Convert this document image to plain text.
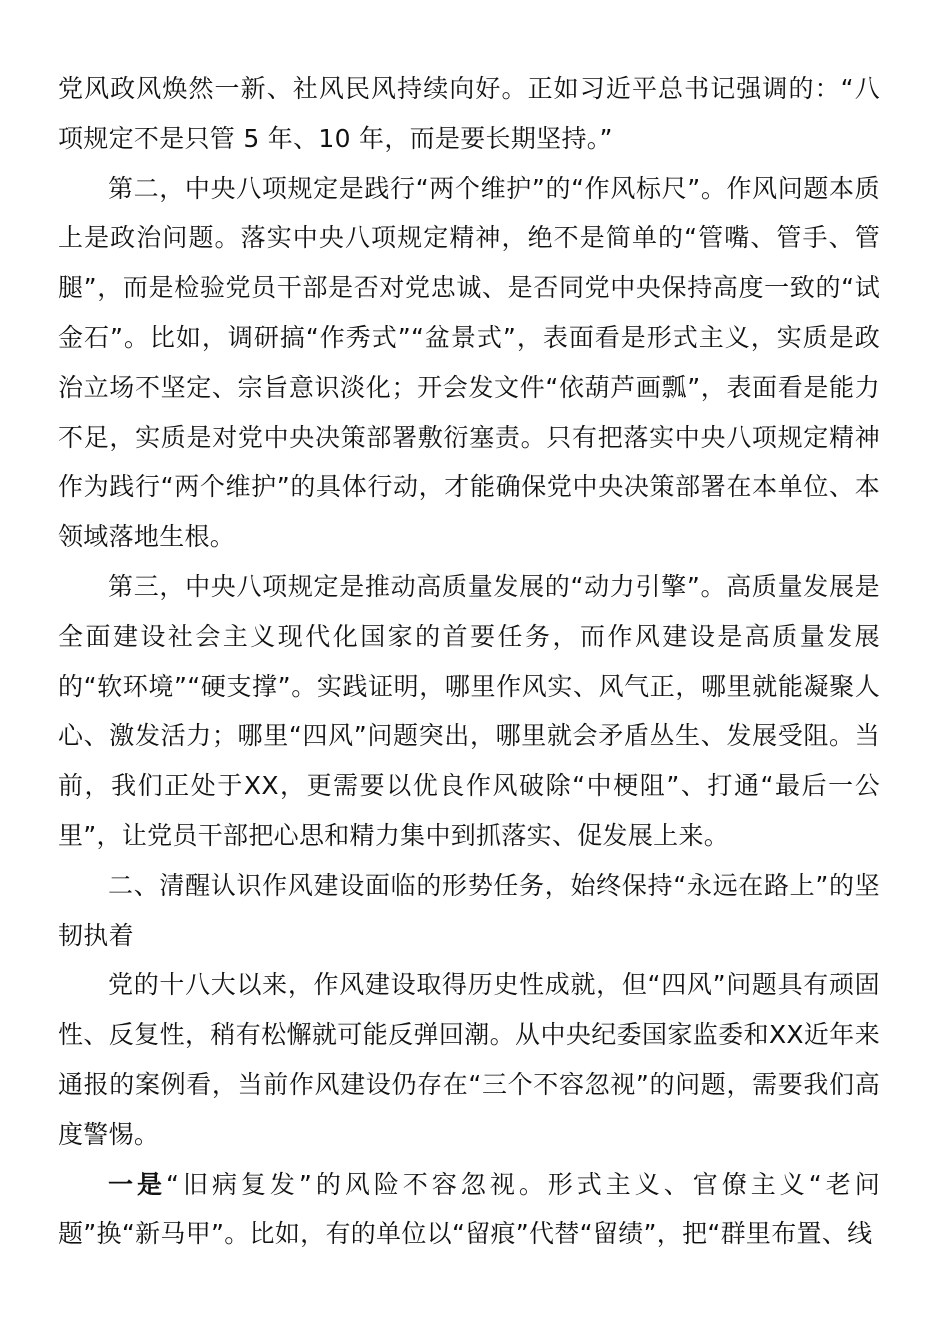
党风政风焕然一新、社风民风持续向好。正如习近平总书记强调的：“八项规定不是只管 5 年、10 年，而是要长期坚持。”

第二，中央八项规定是践行“两个维护”的“作风标尺”。作风问题本质上是政治问题。落实中央八项规定精神，绝不是简单的“管嘴、管手、管腿”，而是检验党员干部是否对党忠诚、是否同党中央保持高度一致的“试金石”。比如，调研搞“作秀式”“盆景式”，表面看是形式主义，实质是政治立场不坚定、宗旨意识淡化；开会发文件“依葫芦画瓢”，表面看是能力不足，实质是对党中央决策部署敷衍塞责。只有把落实中央八项规定精神作为践行“两个维护”的具体行动，才能确保党中央决策部署在本单位、本领域落地生根。

第三，中央八项规定是推动高质量发展的“动力引擎”。高质量发展是全面建设社会主义现代化国家的首要任务，而作风建设是高质量发展的“软环境”“硬支撑”。实践证明，哪里作风实、风气正，哪里就能凝聚人心、激发活力；哪里“四风”问题突出，哪里就会矛盾丛生、发展受阻。当前，我们正处于XX，更需要以优良作风破除“中梗阻”、打通“最后一公里”，让党员干部把心思和精力集中到抓落实、促发展上来。

二、清醒认识作风建设面临的形势任务，始终保持“永远在路上”的坚韧执着

党的十八大以来，作风建设取得历史性成就，但“四风”问题具有顽固性、反复性，稍有松懈就可能反弹回潮。从中央纪委国家监委和XX近年来通报的案例看，当前作风建设仍存在“三个不容忽视”的问题，需要我们高度警惕。

一是“旧病复发”的风险不容忽视。形式主义、官僚主义“老问题”换“新马甲”。比如，有的单位以“留痕”代替“留绩”，把“群里布置、线
